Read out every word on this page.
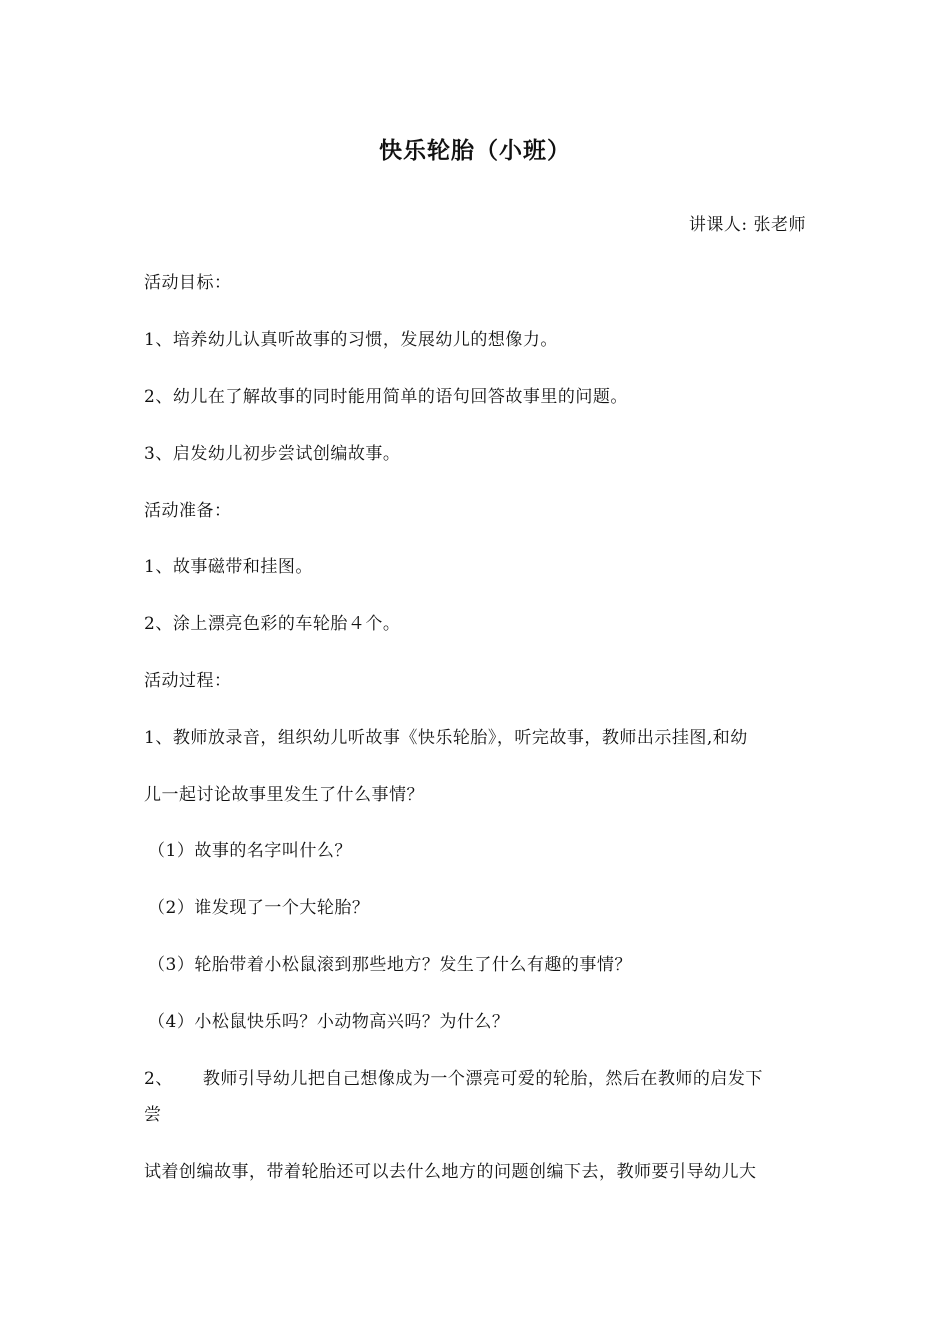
快乐轮胎（小班）
讲课人: 张老师
活动目标：
1、培养幼儿认真听故事的习惯，发展幼儿的想像力。
2、幼儿在了解故事的同时能用简单的语句回答故事里的问题。
3、启发幼儿初步尝试创编故事。
活动准备：
1、故事磁带和挂图。
2、涂上漂亮色彩的车轮胎４个。
活动过程：
1、教师放录音，组织幼儿听故事《快乐轮胎》，听完故事，教师出示挂图,和幼
儿一起讨论故事里发生了什么事情？
（1）故事的名字叫什么？
（2）谁发现了一个大轮胎？
（3）轮胎带着小松鼠滚到那些地方？发生了什么有趣的事情？
（4）小松鼠快乐吗？小动物高兴吗？为什么？
2、 教师引导幼儿把自己想像成为一个漂亮可爱的轮胎，然后在教师的启发下
尝
试着创编故事，带着轮胎还可以去什么地方的问题创编下去，教师要引导幼儿大
